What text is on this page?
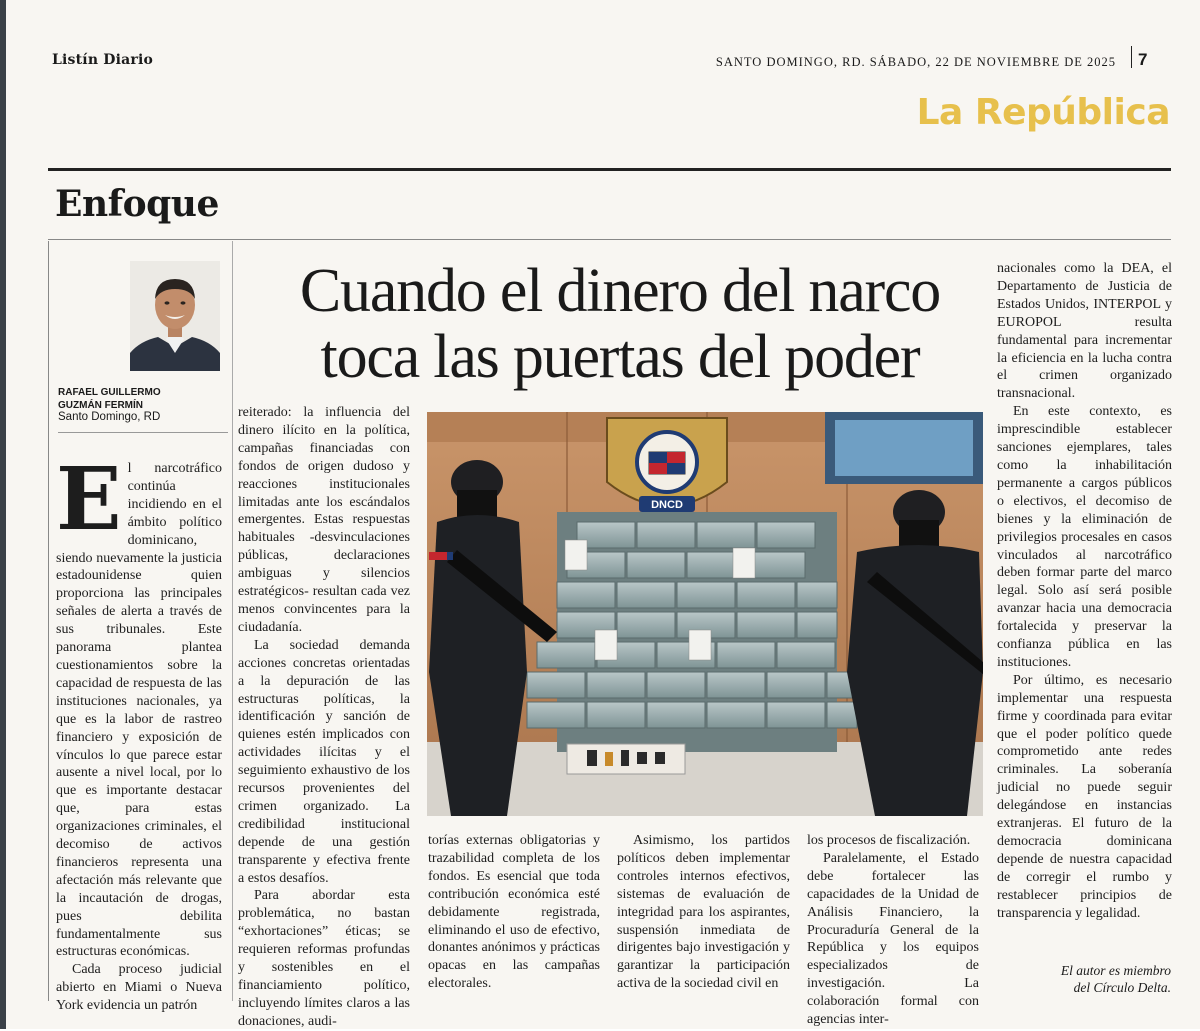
Listín Diario	SANTO DOMINGO, RD. SÁBADO, 22 DE NOVIEMBRE DE 2025 7
La República
Enfoque
RAFAEL GUILLERMO
GUZMÁN FERMÍN
Santo Domingo, RD
Cuando el dinero del narco
toca las puertas del poder
DNCD

El narcotráfico continúa incidiendo en el ámbito político dominicano, siendo nuevamente la justicia estadounidense quien proporciona las principales señales de alerta a través de sus tribunales. Este panorama plantea cuestionamientos sobre la capacidad de respuesta de las instituciones nacionales, ya que es la labor de rastreo financiero y exposición de vínculos lo que parece estar ausente a nivel local, por lo que es importante destacar que, para estas organizaciones criminales, el decomiso de activos financieros representa una afectación más relevante que la incautación de drogas, pues debilita fundamentalmente sus estructuras económicas.

Cada proceso judicial abierto en Miami o Nueva York evidencia un patrón

reiterado: la influencia del dinero ilícito en la política, campañas financiadas con fondos de origen dudoso y reacciones institucionales limitadas ante los escándalos emergentes. Estas respuestas habituales -desvinculaciones públicas, declaraciones ambiguas y silencios estratégicos- resultan cada vez menos convincentes para la ciudadanía.

La sociedad demanda acciones concretas orientadas a la depuración de las estructuras políticas, la identificación y sanción de quienes estén implicados con actividades ilícitas y el seguimiento exhaustivo de los recursos provenientes del crimen organizado. La credibilidad institucional depende de una gestión transparente y efectiva frente a estos desafíos.

Para abordar esta problemática, no bastan “exhortaciones” éticas; se requieren reformas profundas y sostenibles en el financiamiento político, incluyendo límites claros a las donaciones, audi-

torías externas obligatorias y trazabilidad completa de los fondos. Es esencial que toda contribución económica esté debidamente registrada, eliminando el uso de efectivo, donantes anónimos y prácticas opacas en las campañas electorales.

Asimismo, los partidos políticos deben implementar controles internos efectivos, sistemas de evaluación de integridad para los aspirantes, suspensión inmediata de dirigentes bajo investigación y garantizar la participación activa de la sociedad civil en

los procesos de fiscalización.

Paralelamente, el Estado debe fortalecer las capacidades de la Unidad de Análisis Financiero, la Procuraduría General de la República y los equipos especializados de investigación. La colaboración formal con agencias inter-

nacionales como la DEA, el Departamento de Justicia de Estados Unidos, INTERPOL y EUROPOL resulta fundamental para incrementar la eficiencia en la lucha contra el crimen organizado transnacional.

En este contexto, es imprescindible establecer sanciones ejemplares, tales como la inhabilitación permanente a cargos públicos o electivos, el decomiso de bienes y la eliminación de privilegios procesales en casos vinculados al narcotráfico deben formar parte del marco legal. Solo así será posible avanzar hacia una democracia fortalecida y preservar la confianza pública en las instituciones.

Por último, es necesario implementar una respuesta firme y coordinada para evitar que el poder político quede comprometido ante redes criminales. La soberanía judicial no puede seguir delegándose en instancias extranjeras. El futuro de la democracia dominicana depende de nuestra capacidad de corregir el rumbo y restablecer principios de transparencia y legalidad.

El autor es miembro
del Círculo Delta.
